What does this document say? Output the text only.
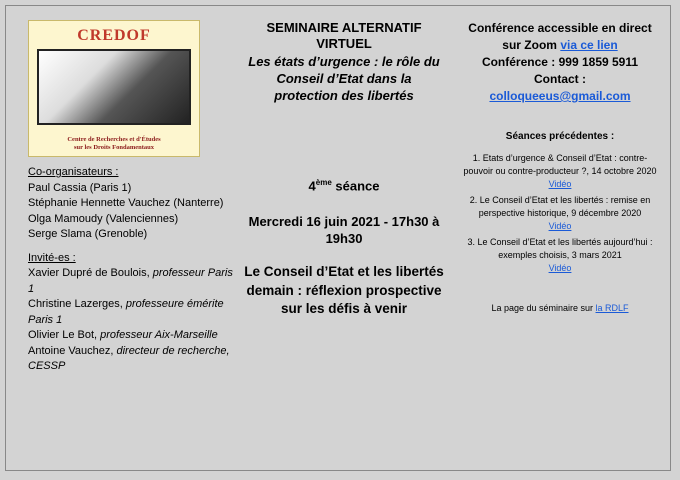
CREDOF
Centre de Recherches et d'Études
sur les Droits Fondamentaux
Co-organisateurs :
Paul Cassia (Paris 1)
Stéphanie Hennette Vauchez (Nanterre)
Olga Mamoudy (Valenciennes)
Serge Slama (Grenoble)
Invité-es :
Xavier Dupré de Boulois, professeur Paris 1
Christine Lazerges, professeure émérite Paris 1
Olivier Le Bot, professeur Aix-Marseille
Antoine Vauchez, directeur de recherche, CESSP
SEMINAIRE ALTERNATIF VIRTUEL
Les états d’urgence : le rôle du Conseil d’Etat dans la protection des libertés
4ème séance
Mercredi 16 juin 2021 - 17h30 à 19h30
Le Conseil d’Etat et les libertés demain : réflexion prospective sur les défis à venir
Conférence accessible en direct sur Zoom via ce lien
Conférence : 999 1859 5911
Contact :
colloqueeus@gmail.com
Séances précédentes :
1. Etats d’urgence & Conseil d’Etat : contre-pouvoir ou contre-producteur ?, 14 octobre 2020
Vidéo
2. Le Conseil d’Etat et les libertés : remise en perspective historique, 9 décembre 2020
Vidéo
3. Le Conseil d’Etat et les libertés aujourd’hui : exemples choisis, 3 mars 2021
Vidéo
La page du séminaire sur la RDLF
